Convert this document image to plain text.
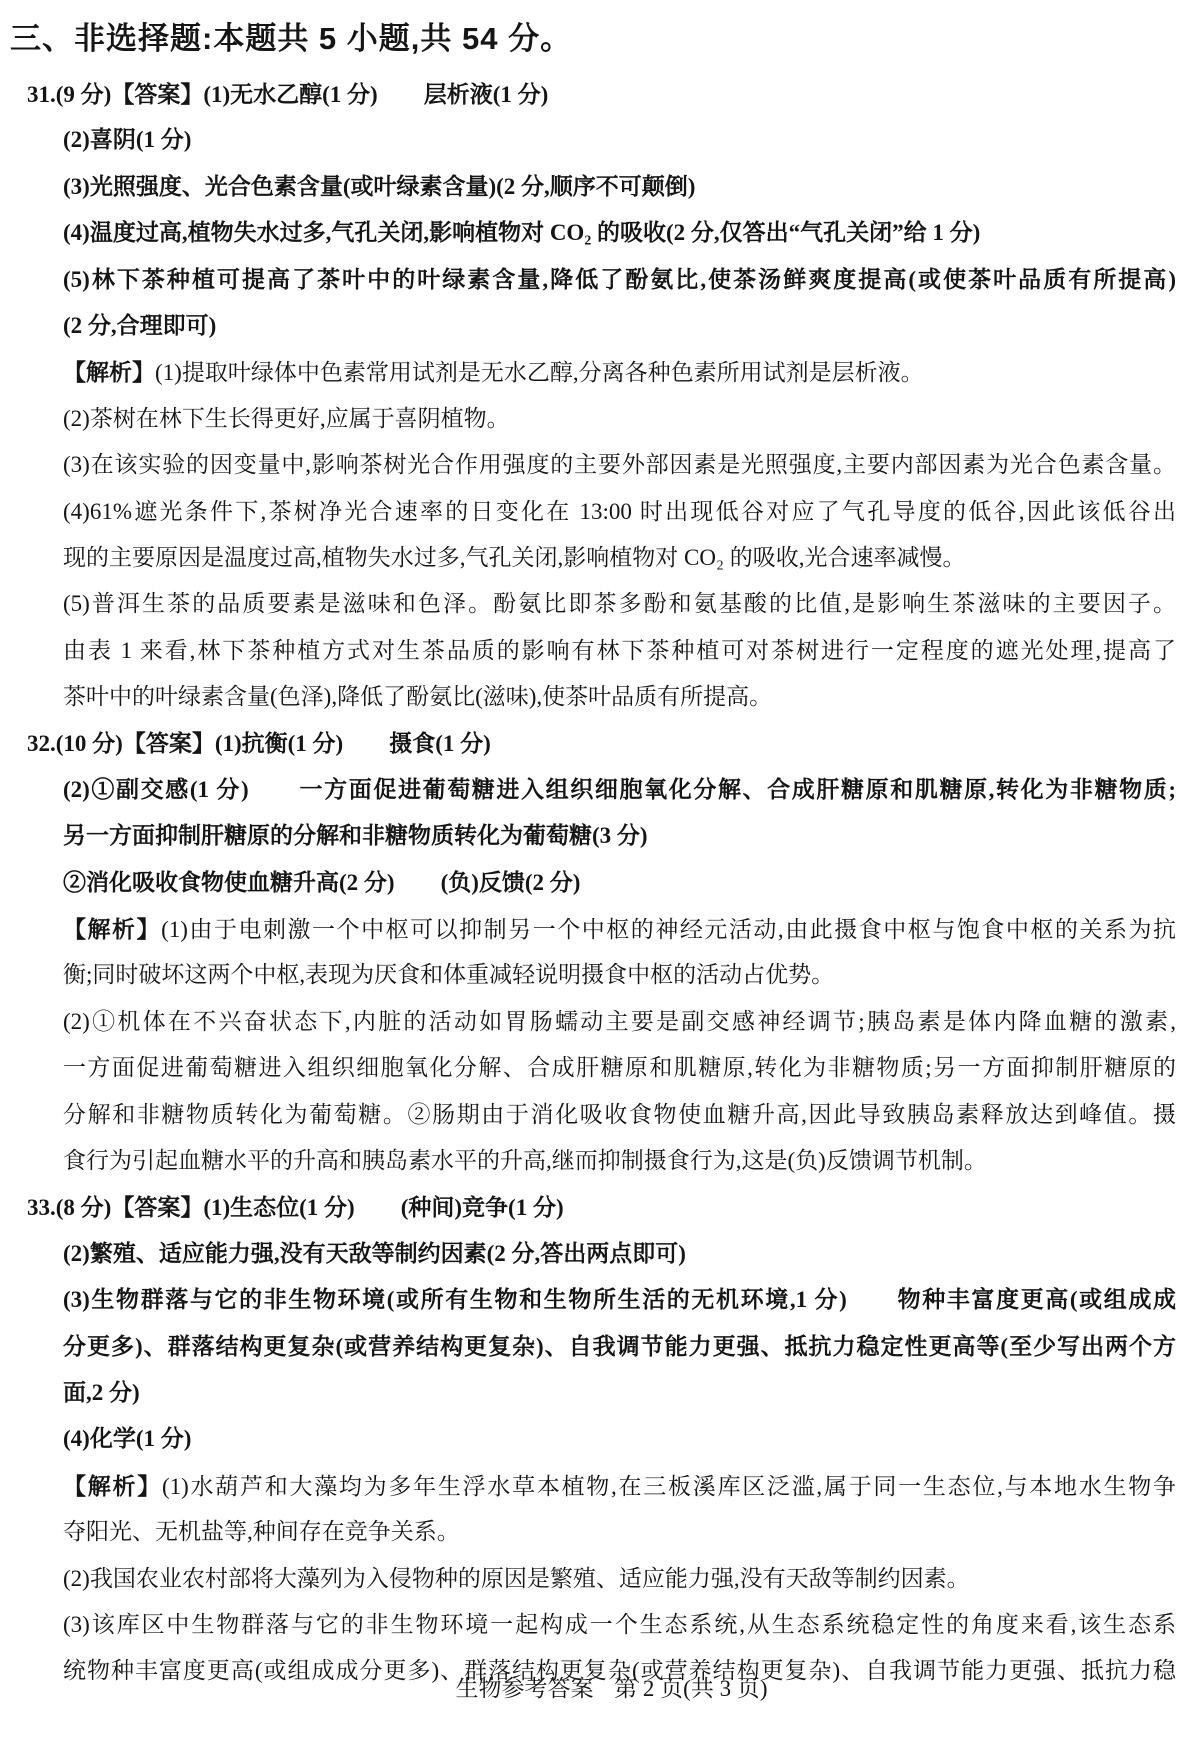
三、非选择题:本题共 5 小题,共 54 分。
31.(9 分)【答案】(1)无水乙醇(1 分)　　层析液(1 分)
(2)喜阴(1 分)
(3)光照强度、光合色素含量(或叶绿素含量)(2 分,顺序不可颠倒)
(4)温度过高,植物失水过多,气孔关闭,影响植物对 CO₂ 的吸收(2 分,仅答出“气孔关闭”给 1 分)
(5)林下茶种植可提高了茶叶中的叶绿素含量,降低了酚氨比,使茶汤鲜爽度提高(或使茶叶品质有所提高)
(2 分,合理即可)
【解析】(1)提取叶绿体中色素常用试剂是无水乙醇,分离各种色素所用试剂是层析液。
(2)茶树在林下生长得更好,应属于喜阴植物。
(3)在该实验的因变量中,影响茶树光合作用强度的主要外部因素是光照强度,主要内部因素为光合色素含量。
(4)61%遮光条件下,茶树净光合速率的日变化在 13:00 时出现低谷对应了气孔导度的低谷,因此该低谷出
现的主要原因是温度过高,植物失水过多,气孔关闭,影响植物对 CO₂ 的吸收,光合速率减慢。
(5)普洱生茶的品质要素是滋味和色泽。酚氨比即茶多酚和氨基酸的比值,是影响生茶滋味的主要因子。
由表 1 来看,林下茶种植方式对生茶品质的影响有林下茶种植可对茶树进行一定程度的遮光处理,提高了
茶叶中的叶绿素含量(色泽),降低了酚氨比(滋味),使茶叶品质有所提高。
32.(10 分)【答案】(1)抗衡(1 分)　　摄食(1 分)
(2)①副交感(1 分)　　一方面促进葡萄糖进入组织细胞氧化分解、合成肝糖原和肌糖原,转化为非糖物质;
另一方面抑制肝糖原的分解和非糖物质转化为葡萄糖(3 分)
②消化吸收食物使血糖升高(2 分)　　(负)反馈(2 分)
【解析】(1)由于电刺激一个中枢可以抑制另一个中枢的神经元活动,由此摄食中枢与饱食中枢的关系为抗
衡;同时破坏这两个中枢,表现为厌食和体重减轻说明摄食中枢的活动占优势。
(2)①机体在不兴奋状态下,内脏的活动如胃肠蠕动主要是副交感神经调节;胰岛素是体内降血糖的激素,
一方面促进葡萄糖进入组织细胞氧化分解、合成肝糖原和肌糖原,转化为非糖物质;另一方面抑制肝糖原的
分解和非糖物质转化为葡萄糖。②肠期由于消化吸收食物使血糖升高,因此导致胰岛素释放达到峰值。摄
食行为引起血糖水平的升高和胰岛素水平的升高,继而抑制摄食行为,这是(负)反馈调节机制。
33.(8 分)【答案】(1)生态位(1 分)　　(种间)竞争(1 分)
(2)繁殖、适应能力强,没有天敌等制约因素(2 分,答出两点即可)
(3)生物群落与它的非生物环境(或所有生物和生物所生活的无机环境,1 分)　　物种丰富度更高(或组成成
分更多)、群落结构更复杂(或营养结构更复杂)、自我调节能力更强、抵抗力稳定性更高等(至少写出两个方
面,2 分)
(4)化学(1 分)
【解析】(1)水葫芦和大藻均为多年生浮水草本植物,在三板溪库区泛滥,属于同一生态位,与本地水生物争
夺阳光、无机盐等,种间存在竞争关系。
(2)我国农业农村部将大藻列为入侵物种的原因是繁殖、适应能力强,没有天敌等制约因素。
(3)该库区中生物群落与它的非生物环境一起构成一个生态系统,从生态系统稳定性的角度来看,该生态系
统物种丰富度更高(或组成成分更多)、群落结构更复杂(或营养结构更复杂)、自我调节能力更强、抵抗力稳

生物参考答案 第 2 页(共 3 页)
